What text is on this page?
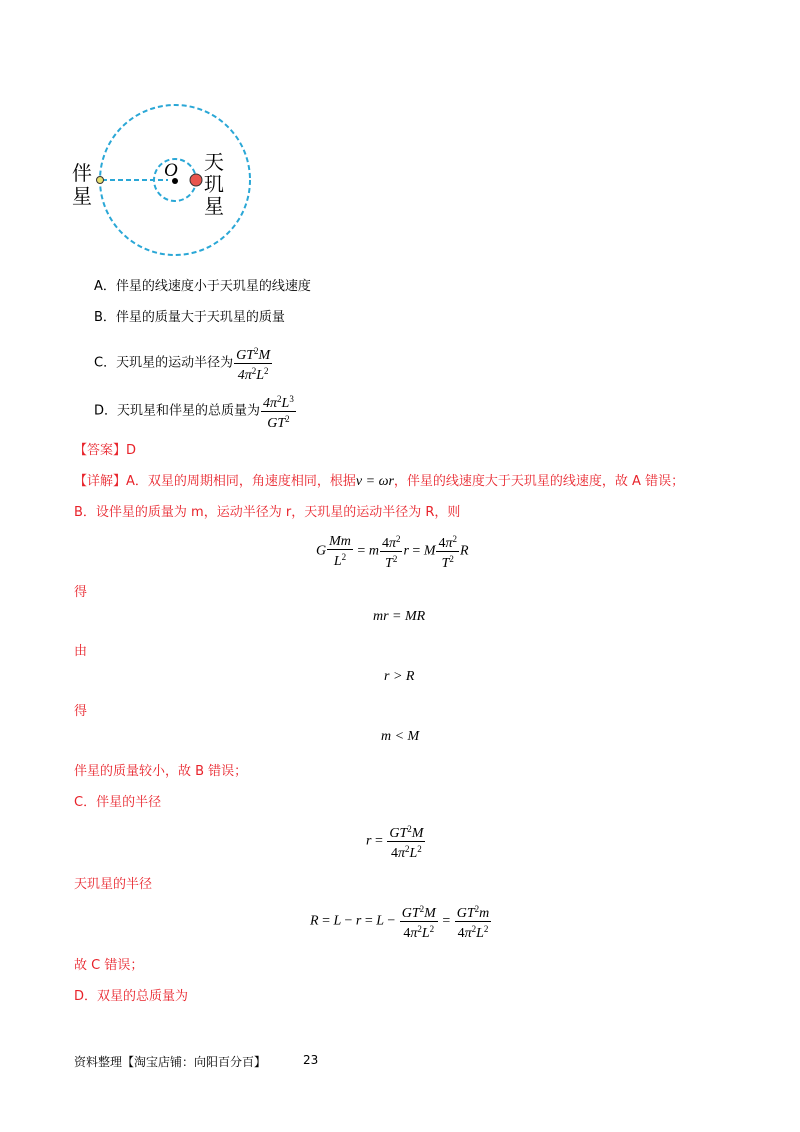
伴
星
O 天
玑
星
A．伴星的线速度小于天玑星的线速度
B．伴星的质量大于天玑星的质量
C．天玑星的运动半径为 $\frac{GT^2M}{4\pi^2L^2}$
D．天玑星和伴星的总质量为 $\frac{4\pi^2L^3}{GT^2}$
【答案】D
【详解】A．双星的周期相同，角速度相同，根据v = ωr，伴星的线速度大于天玑星的线速度，故 A 错误；
B．设伴星的质量为 m，运动半径为 r，天玑星的运动半径为 R，则
G $\frac{Mm}{L^2} = m \frac{4\pi^2}{T^2}$ r = M $\frac{4\pi^2}{T^2}$ R
得
mr = MR
由
r > R
得
m < M
伴星的质量较小，故 B 错误；
C．伴星的半径
$r = \frac{GT^2M}{4\pi^2L^2}$
天玑星的半径
$R = L - r = L - \frac{GT^2M}{4\pi^2L^2} = \frac{GT^2m}{4\pi^2L^2}$
故 C 错误；
D．双星的总质量为
资料整理【淘宝店铺：向阳百分百】	23
